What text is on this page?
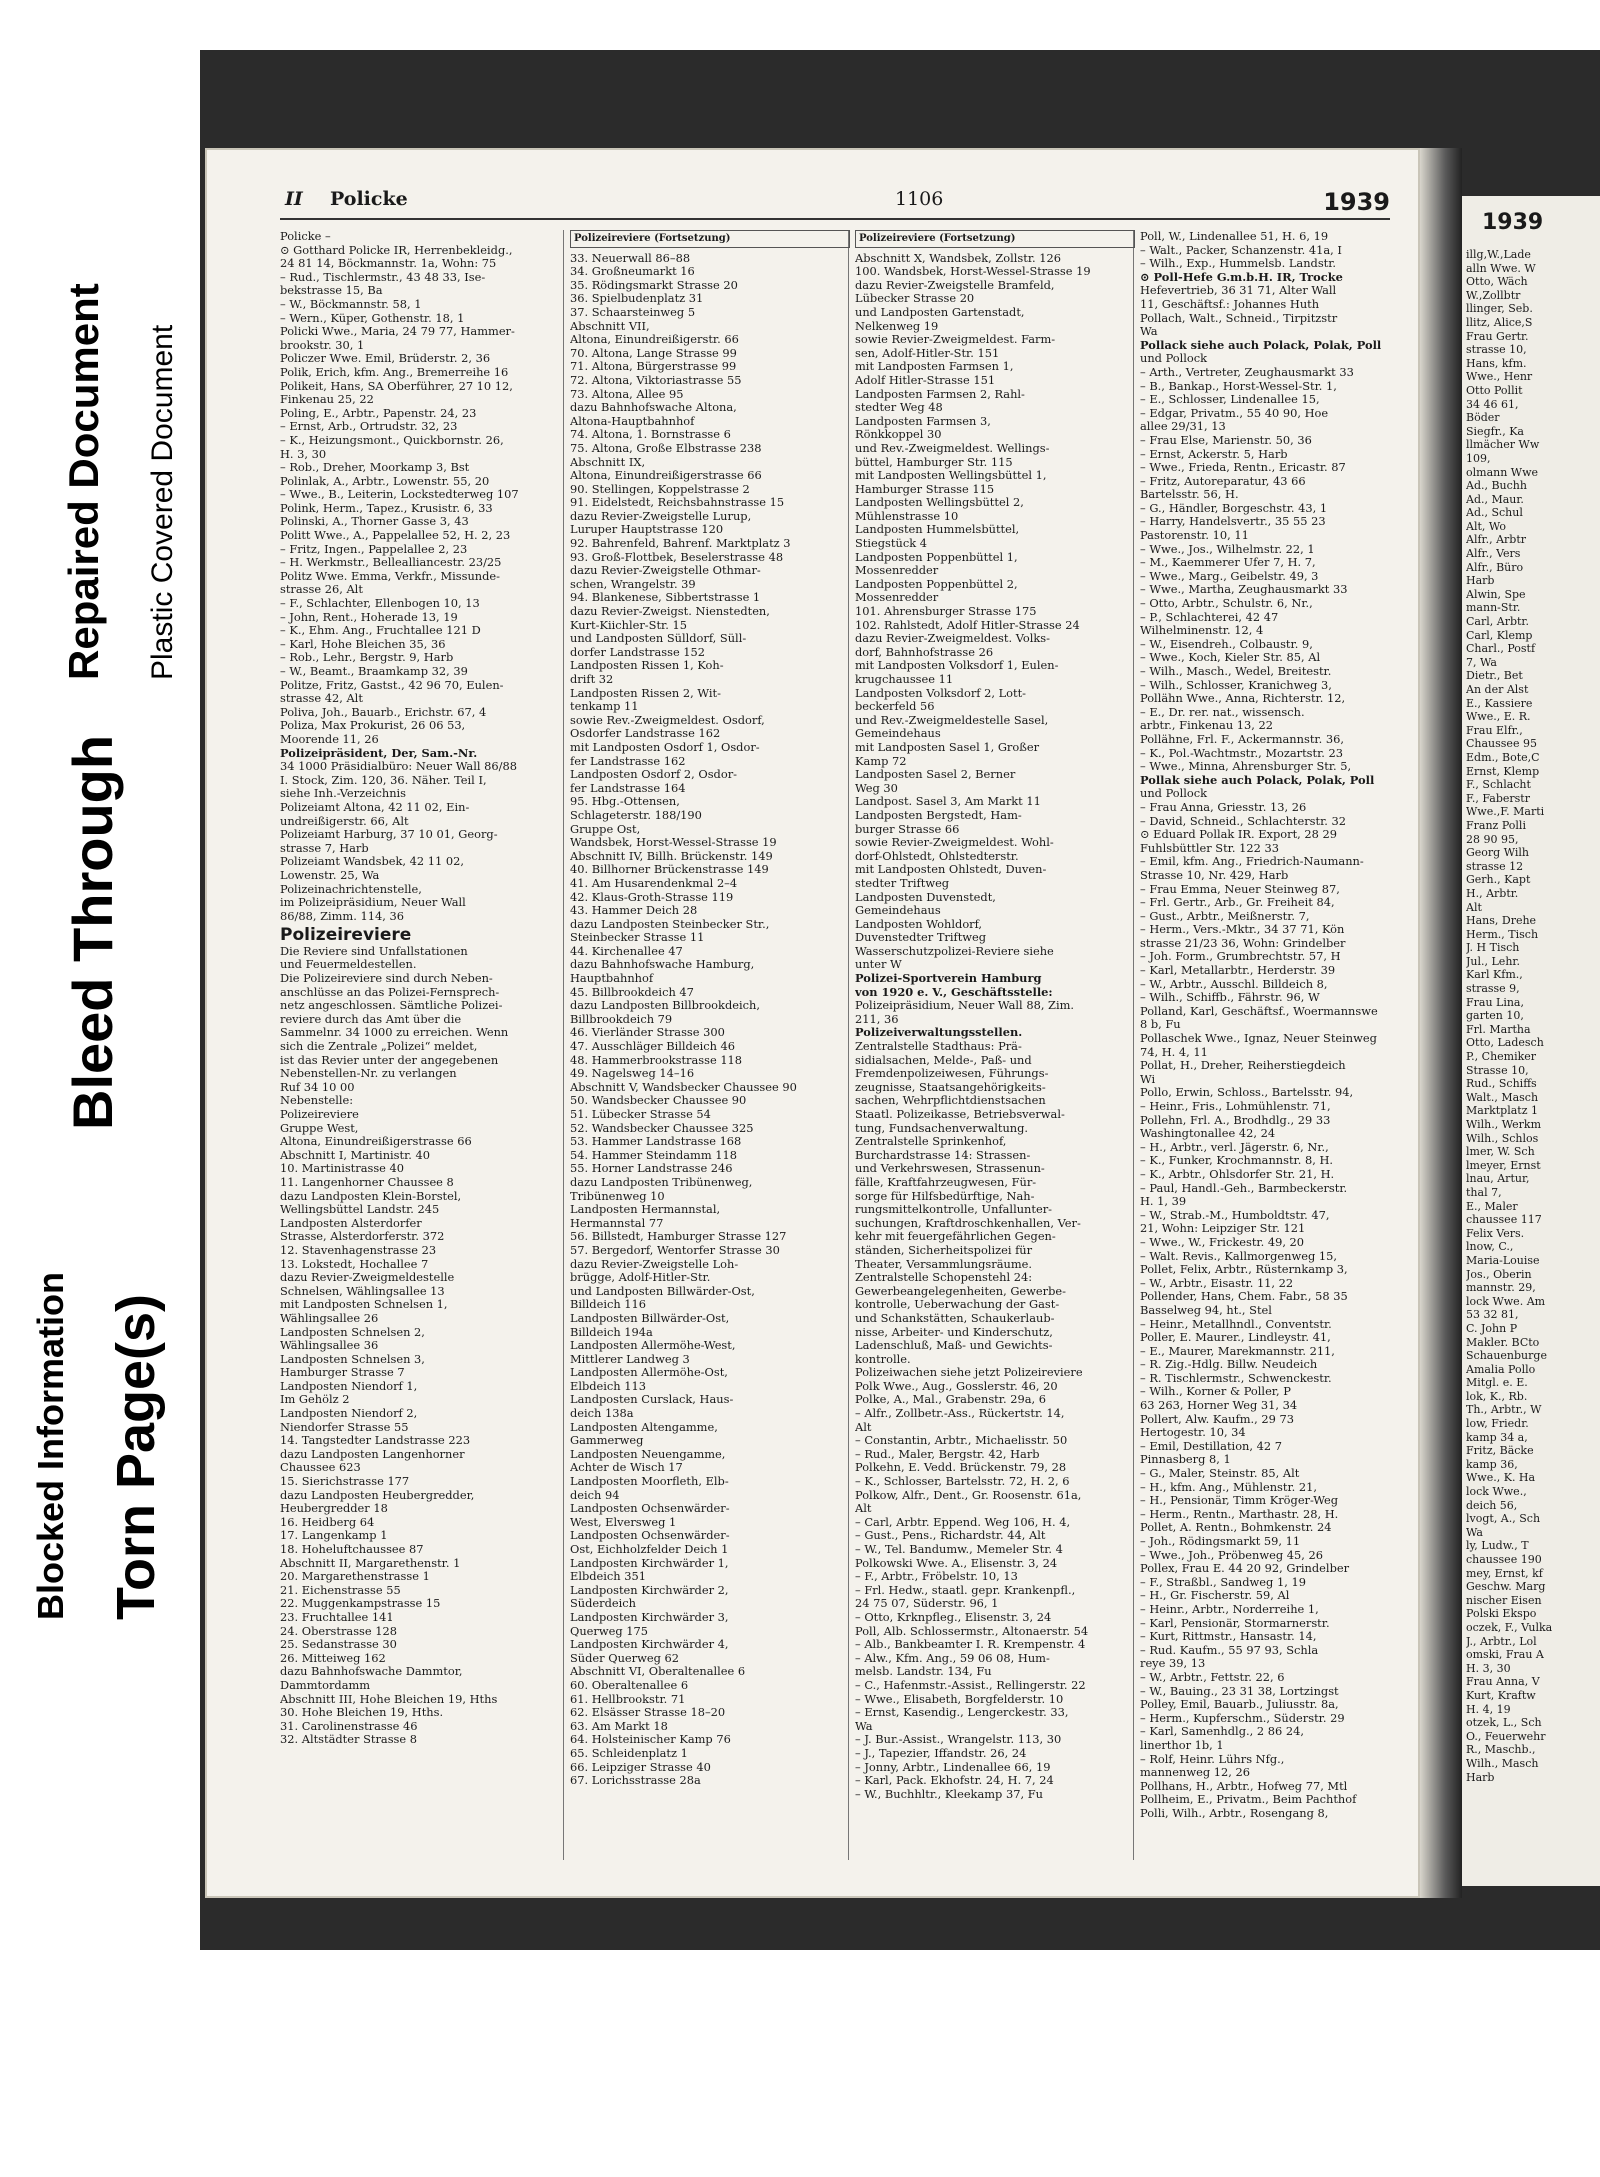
Blocked Information
Bleed Through
Torn Page(s)
Repaired Document Plastic Covered Document
II Policke	1106	1939
Policke –
⊙ Gotthard Policke IR, Herrenbekleidg.,
24 81 14, Böckmannstr. 1a, Wohn: 75
– Rud., Tischlermstr., 43 48 33, Ise-
bekstrasse 15, Ba
– W., Böckmannstr. 58, 1
– Wern., Küper, Gothenstr. 18, 1
Policki Wwe., Maria, 24 79 77, Hammer-
brookstr. 30, 1
Policzer Wwe. Emil, Brüderstr. 2, 36
Polik, Erich, kfm. Ang., Bremerreihe 16
Polikeit, Hans, SA Oberführer, 27 10 12,
Finkenau 25, 22
Poling, E., Arbtr., Papenstr. 24, 23
– Ernst, Arb., Ortrudstr. 32, 23
– K., Heizungsmont., Quickbornstr. 26,
H. 3, 30
– Rob., Dreher, Moorkamp 3, Bst
Polinlak, A., Arbtr., Lowenstr. 55, 20
– Wwe., B., Leiterin, Lockstedterweg 107
Polink, Herm., Tapez., Krusistr. 6, 33
Polinski, A., Thorner Gasse 3, 43
Politt Wwe., A., Pappelallee 52, H. 2, 23
– Fritz, Ingen., Pappelallee 2, 23
– H. Werkmstr., Bellealliancestr. 23/25
Politz Wwe. Emma, Verkfr., Missunde-
strasse 26, Alt
– F., Schlachter, Ellenbogen 10, 13
– John, Rent., Hoherade 13, 19
– K., Ehm. Ang., Fruchtallee 121 D
– Karl, Hohe Bleichen 35, 36
– Rob., Lehr., Bergstr. 9, Harb
– W., Beamt., Braamkamp 32, 39
Politze, Fritz, Gastst., 42 96 70, Eulen-
strasse 42, Alt
Poliva, Joh., Bauarb., Erichstr. 67, 4
Poliza, Max Prokurist, 26 06 53,
Moorende 11, 26
Polizeipräsident, Der, Sam.-Nr.
34 1000 Präsidialbüro: Neuer Wall 86/88
I. Stock, Zim. 120, 36. Näher. Teil I,
siehe Inh.-Verzeichnis
Polizeiamt Altona, 42 11 02, Ein-
undreißigerstr. 66, Alt
Polizeiamt Harburg, 37 10 01, Georg-
strasse 7, Harb
Polizeiamt Wandsbek, 42 11 02,
Lowenstr. 25, Wa
Polizeinachrichtenstelle,
im Polizeipräsidium, Neuer Wall
86/88, Zimm. 114, 36
Polizeireviere
Die Reviere sind Unfallstationen
und Feuermeldestellen.
Die Polizeireviere sind durch Neben-
anschlüsse an das Polizei-Fernsprech-
netz angeschlossen. Sämtliche Polizei-
reviere durch das Amt über die
Sammelnr. 34 1000 zu erreichen. Wenn
sich die Zentrale „Polizei“ meldet,
ist das Revier unter der angegebenen
Nebenstellen-Nr. zu verlangen
Ruf 34 10 00
Nebenstelle:
Polizeireviere
Gruppe West,
Altona, Einundreißigerstrasse 66
Abschnitt I, Martinistr. 40
10. Martinistrasse 40
11. Langenhorner Chaussee 8
dazu Landposten Klein-Borstel,
Wellingsbüttel Landstr. 245
Landposten Alsterdorfer
Strasse, Alsterdorferstr. 372
12. Stavenhagenstrasse 23
13. Lokstedt, Hochallee 7
dazu Revier-Zweigmeldestelle
Schnelsen, Wählingsallee 13
mit Landposten Schnelsen 1,
Wählingsallee 26
Landposten Schnelsen 2,
Wählingsallee 36
Landposten Schnelsen 3,
Hamburger Strasse 7
Landposten Niendorf 1,
Im Gehölz 2
Landposten Niendorf 2,
Niendorfer Strasse 55
14. Tangstedter Landstrasse 223
dazu Landposten Langenhorner
Chaussee 623
15. Sierichstrasse 177
dazu Landposten Heubergredder,
Heubergredder 18
16. Heidberg 64
17. Langenkamp 1
18. Hoheluftchaussee 87
Abschnitt II, Margarethenstr. 1
20. Margarethenstrasse 1
21. Eichenstrasse 55
22. Muggenkampstrasse 15
23. Fruchtallee 141
24. Oberstrasse 128
25. Sedanstrasse 30
26. Mitteiweg 162
dazu Bahnhofswache Dammtor,
Dammtordamm
Abschnitt III, Hohe Bleichen 19, Hths
30. Hohe Bleichen 19, Hths.
31. Carolinenstrasse 46
32. Altstädter Strasse 8
Polizeireviere (Fortsetzung)
33. Neuerwall 86–88
34. Großneumarkt 16
35. Rödingsmarkt Strasse 20
36. Spielbudenplatz 31
37. Schaarsteinweg 5
Abschnitt VII,
Altona, Einundreißigerstr. 66
70. Altona, Lange Strasse 99
71. Altona, Bürgerstrasse 99
72. Altona, Viktoriastrasse 55
73. Altona, Allee 95
dazu Bahnhofswache Altona,
Altona-Hauptbahnhof
74. Altona, 1. Bornstrasse 6
75. Altona, Große Elbstrasse 238
Abschnitt IX,
Altona, Einundreißigerstrasse 66
90. Stellingen, Koppelstrasse 2
91. Eidelstedt, Reichsbahnstrasse 15
dazu Revier-Zweigstelle Lurup,
Luruper Hauptstrasse 120
92. Bahrenfeld, Bahrenf. Marktplatz 3
93. Groß-Flottbek, Beselerstrasse 48
dazu Revier-Zweigstelle Othmar-
schen, Wrangelstr. 39
94. Blankenese, Sibbertstrasse 1
dazu Revier-Zweigst. Nienstedten,
Kurt-Kiichler-Str. 15
und Landposten Sülldorf, Süll-
dorfer Landstrasse 152
Landposten Rissen 1, Koh-
drift 32
Landposten Rissen 2, Wit-
tenkamp 11
sowie Rev.-Zweigmeldest. Osdorf,
Osdorfer Landstrasse 162
mit Landposten Osdorf 1, Osdor-
fer Landstrasse 162
Landposten Osdorf 2, Osdor-
fer Landstrasse 164
95. Hbg.-Ottensen,
Schlageterstr. 188/190
Gruppe Ost,
Wandsbek, Horst-Wessel-Strasse 19
Abschnitt IV, Billh. Brückenstr. 149
40. Billhorner Brückenstrasse 149
41. Am Husarendenkmal 2–4
42. Klaus-Groth-Strasse 119
43. Hammer Deich 28
dazu Landposten Steinbecker Str.,
Steinbecker Strasse 11
44. Kirchenallee 47
dazu Bahnhofswache Hamburg,
Hauptbahnhof
45. Billbrookdeich 47
dazu Landposten Billbrookdeich,
Billbrookdeich 79
46. Vierländer Strasse 300
47. Ausschläger Billdeich 46
48. Hammerbrookstrasse 118
49. Nagelsweg 14–16
Abschnitt V, Wandsbecker Chaussee 90
50. Wandsbecker Chaussee 90
51. Lübecker Strasse 54
52. Wandsbecker Chaussee 325
53. Hammer Landstrasse 168
54. Hammer Steindamm 118
55. Horner Landstrasse 246
dazu Landposten Tribünenweg,
Tribünenweg 10
Landposten Hermannstal,
Hermannstal 77
56. Billstedt, Hamburger Strasse 127
57. Bergedorf, Wentorfer Strasse 30
dazu Revier-Zweigstelle Loh-
brügge, Adolf-Hitler-Str.
und Landposten Billwärder-Ost,
Billdeich 116
Landposten Billwärder-Ost,
Billdeich 194a
Landposten Allermöhe-West,
Mittlerer Landweg 3
Landposten Allermöhe-Ost,
Elbdeich 113
Landposten Curslack, Haus-
deich 138a
Landposten Altengamme,
Gammerweg
Landposten Neuengamme,
Achter de Wisch 17
Landposten Moorfleth, Elb-
deich 94
Landposten Ochsenwärder-
West, Elversweg 1
Landposten Ochsenwärder-
Ost, Eichholzfelder Deich 1
Landposten Kirchwärder 1,
Elbdeich 351
Landposten Kirchwärder 2,
Süderdeich
Landposten Kirchwärder 3,
Querweg 175
Landposten Kirchwärder 4,
Süder Querweg 62
Abschnitt VI, Oberaltenallee 6
60. Oberaltenallee 6
61. Hellbrookstr. 71
62. Elsässer Strasse 18–20
63. Am Markt 18
64. Holsteinischer Kamp 76
65. Schleidenplatz 1
66. Leipziger Strasse 40
67. Lorichsstrasse 28a
Polizeireviere (Fortsetzung)
Abschnitt X, Wandsbek, Zollstr. 126
100. Wandsbek, Horst-Wessel-Strasse 19
dazu Revier-Zweigstelle Bramfeld,
Lübecker Strasse 20
und Landposten Gartenstadt,
Nelkenweg 19
sowie Revier-Zweigmeldest. Farm-
sen, Adolf-Hitler-Str. 151
mit Landposten Farmsen 1,
Adolf Hitler-Strasse 151
Landposten Farmsen 2, Rahl-
stedter Weg 48
Landposten Farmsen 3,
Rönkkoppel 30
und Rev.-Zweigmeldest. Wellings-
büttel, Hamburger Str. 115
mit Landposten Wellingsbüttel 1,
Hamburger Strasse 115
Landposten Wellingsbüttel 2,
Mühlenstrasse 10
Landposten Hummelsbüttel,
Stiegstück 4
Landposten Poppenbüttel 1,
Mossenredder
Landposten Poppenbüttel 2,
Mossenredder
101. Ahrensburger Strasse 175
102. Rahlstedt, Adolf Hitler-Strasse 24
dazu Revier-Zweigmeldest. Volks-
dorf, Bahnhofstrasse 26
mit Landposten Volksdorf 1, Eulen-
krugchaussee 11
Landposten Volksdorf 2, Lott-
beckerfeld 56
und Rev.-Zweigmeldestelle Sasel,
Gemeindehaus
mit Landposten Sasel 1, Großer
Kamp 72
Landposten Sasel 2, Berner
Weg 30
Landpost. Sasel 3, Am Markt 11
Landposten Bergstedt, Ham-
burger Strasse 66
sowie Revier-Zweigmeldest. Wohl-
dorf-Ohlstedt, Ohlstedterstr.
mit Landposten Ohlstedt, Duven-
stedter Triftweg
Landposten Duvenstedt,
Gemeindehaus
Landposten Wohldorf,
Duvenstedter Triftweg
Wasserschutzpolizei-Reviere siehe
unter W
Polizei-Sportverein Hamburg
von 1920 e. V., Geschäftsstelle:
Polizeipräsidium, Neuer Wall 88, Zim.
211, 36
Polizeiverwaltungsstellen.
Zentralstelle Stadthaus: Prä-
sidialsachen, Melde-, Paß- und
Fremdenpolizeiwesen, Führungs-
zeugnisse, Staatsangehörigkeits-
sachen, Wehrpflichtdienstsachen
Staatl. Polizeikasse, Betriebsverwal-
tung, Fundsachenverwaltung.
Zentralstelle Sprinkenhof,
Burchardstrasse 14: Strassen-
und Verkehrswesen, Strassenun-
fälle, Kraftfahrzeugwesen, Für-
sorge für Hilfsbedürftige, Nah-
rungsmittelkontrolle, Unfallunter-
suchungen, Kraftdroschkenhallen, Ver-
kehr mit feuergefährlichen Gegen-
ständen, Sicherheitspolizei für
Theater, Versammlungsräume.
Zentralstelle Schopenstehl 24:
Gewerbeangelegenheiten, Gewerbe-
kontrolle, Ueberwachung der Gast-
und Schankstätten, Schaukerlaub-
nisse, Arbeiter- und Kinderschutz,
Ladenschluß, Maß- und Gewichts-
kontrolle.
Polizeiwachen siehe jetzt Polizeireviere
Polk Wwe., Aug., Gosslerstr. 46, 20
Polke, A., Mal., Grabenstr. 29a, 6
– Alfr., Zollbetr.-Ass., Rückertstr. 14,
Alt
– Constantin, Arbtr., Michaelisstr. 50
– Rud., Maler, Bergstr. 42, Harb
Polkehn, E. Vedd. Brückenstr. 79, 28
– K., Schlosser, Bartelsstr. 72, H. 2, 6
Polkow, Alfr., Dent., Gr. Roosenstr. 61a,
Alt
– Carl, Arbtr. Eppend. Weg 106, H. 4,
– Gust., Pens., Richardstr. 44, Alt
– W., Tel. Bandumw., Memeler Str. 4
Polkowski Wwe. A., Elisenstr. 3, 24
– F., Arbtr., Fröbelstr. 10, 13
– Frl. Hedw., staatl. gepr. Krankenpfl.,
24 75 07, Süderstr. 96, 1
– Otto, Krknpfleg., Elisenstr. 3, 24
Poll, Alb. Schlossermstr., Altonaerstr. 54
– Alb., Bankbeamter I. R. Krempenstr. 4
– Alw., Kfm. Ang., 59 06 08, Hum-
melsb. Landstr. 134, Fu
– C., Hafenmstr.-Assist., Rellingerstr. 22
– Wwe., Elisabeth, Borgfelderstr. 10
– Ernst, Kasendig., Lengerckestr. 33,
Wa
– J. Bur.-Assist., Wrangelstr. 113, 30
– J., Tapezier, Iffandstr. 26, 24
– Jonny, Arbtr., Lindenallee 66, 19
– Karl, Pack. Ekhofstr. 24, H. 7, 24
– W., Buchhltr., Kleekamp 37, Fu
Poll, W., Lindenallee 51, H. 6, 19
– Walt., Packer, Schanzenstr. 41a, I
– Wilh., Exp., Hummelsb. Landstr.
⊙ Poll-Hefe G.m.b.H. IR, Trocke
Hefevertrieb, 36 31 71, Alter Wall
11, Geschäftsf.: Johannes Huth
Pollach, Walt., Schneid., Tirpitzstr
Wa
Pollack siehe auch Polack, Polak, Poll
und Pollock
– Arth., Vertreter, Zeughausmarkt 33
– B., Bankap., Horst-Wessel-Str. 1,
– E., Schlosser, Lindenallee 15,
– Edgar, Privatm., 55 40 90, Hoe
allee 29/31, 13
– Frau Else, Marienstr. 50, 36
– Ernst, Ackerstr. 5, Harb
– Wwe., Frieda, Rentn., Ericastr. 87
– Fritz, Autoreparatur, 43 66
Bartelsstr. 56, H.
– G., Händler, Borgeschstr. 43, 1
– Harry, Handelsvertr., 35 55 23
Pastorenstr. 10, 11
– Wwe., Jos., Wilhelmstr. 22, 1
– M., Kaemmerer Ufer 7, H. 7,
– Wwe., Marg., Geibelstr. 49, 3
– Wwe., Martha, Zeughausmarkt 33
– Otto, Arbtr., Schulstr. 6, Nr.,
– P., Schlachterei, 42 47
Wilhelminenstr. 12, 4
– W., Eisendreh., Colbaustr. 9,
– Wwe., Koch, Kieler Str. 85, Al
– Wilh., Masch., Wedel, Breitestr.
– Wilh., Schlosser, Kranichweg 3,
Pollähn Wwe., Anna, Richterstr. 12,
– E., Dr. rer. nat., wissensch.
arbtr., Finkenau 13, 22
Pollähne, Frl. F., Ackermannstr. 36,
– K., Pol.-Wachtmstr., Mozartstr. 23
– Wwe., Minna, Ahrensburger Str. 5,
Pollak siehe auch Polack, Polak, Poll
und Pollock
– Frau Anna, Griesstr. 13, 26
– David, Schneid., Schlachterstr. 32
⊙ Eduard Pollak IR. Export, 28 29
Fuhlsbüttler Str. 122 33
– Emil, kfm. Ang., Friedrich-Naumann-
Strasse 10, Nr. 429, Harb
– Frau Emma, Neuer Steinweg 87,
– Frl. Gertr., Arb., Gr. Freiheit 84,
– Gust., Arbtr., Meißnerstr. 7,
– Herm., Vers.-Mktr., 34 37 71, Kön
strasse 21/23 36, Wohn: Grindelber
– Joh. Form., Grumbrechtstr. 57, H
– Karl, Metallarbtr., Herderstr. 39
– W., Arbtr., Ausschl. Billdeich 8,
– Wilh., Schiffb., Fährstr. 96, W
Polland, Karl, Geschäftsf., Woermannswe
8 b, Fu
Pollaschek Wwe., Ignaz, Neuer Steinweg
74, H. 4, 11
Pollat, H., Dreher, Reiherstiegdeich
Wi
Pollo, Erwin, Schloss., Bartelsstr. 94,
– Heinr., Fris., Lohmühlenstr. 71,
Pollehn, Frl. A., Brodhdlg., 29 33
Washingtonallee 42, 24
– H., Arbtr., verl. Jägerstr. 6, Nr.,
– K., Funker, Krochmannstr. 8, H.
– K., Arbtr., Ohlsdorfer Str. 21, H.
– Paul, Handl.-Geh., Barmbeckerstr.
H. 1, 39
– W., Strab.-M., Humboldtstr. 47,
21, Wohn: Leipziger Str. 121
– Wwe., W., Frickestr. 49, 20
– Walt. Revis., Kallmorgenweg 15,
Pollet, Felix, Arbtr., Rüsternkamp 3,
– W., Arbtr., Eisastr. 11, 22
Pollender, Hans, Chem. Fabr., 58 35
Basselweg 94, ht., Stel
– Heinr., Metallhndl., Conventstr.
Poller, E. Maurer., Lindleystr. 41,
– E., Maurer, Marekmannstr. 211,
– R. Zig.-Hdlg. Billw. Neudeich
– R. Tischlermstr., Schwenckestr.
– Wilh., Korner & Poller, P
63 263, Horner Weg 31, 34
Pollert, Alw. Kaufm., 29 73
Hertogestr. 10, 34
– Emil, Destillation, 42 7
Pinnasberg 8, 1
– G., Maler, Steinstr. 85, Alt
– H., kfm. Ang., Mühlenstr. 21,
– H., Pensionär, Timm Kröger-Weg
– Herm., Rentn., Marthastr. 28, H.
Pollet, A. Rentn., Bohmkenstr. 24
– Joh., Rödingsmarkt 59, 11
– Wwe., Joh., Pröbenweg 45, 26
Pollex, Frau E. 44 20 92, Grindelber
– F., Straßbl., Sandweg 1, 19
– H., Gr. Fischerstr. 59, Al
– Heinr., Arbtr., Norderreihe 1,
– Karl, Pensionär, Stormarnerstr.
– Kurt, Rittmstr., Hansastr. 14,
– Rud. Kaufm., 55 97 93, Schla
reye 39, 13
– W., Arbtr., Fettstr. 22, 6
– W., Bauing., 23 31 38, Lortzingst
Polley, Emil, Bauarb., Juliusstr. 8a,
– Herm., Kupferschm., Süderstr. 29
– Karl, Samenhdlg., 2 86 24,
linerthor 1b, 1
– Rolf, Heinr. Lührs Nfg.,
mannenweg 12, 26
Pollhans, H., Arbtr., Hofweg 77, Mtl
Pollheim, E., Privatm., Beim Pachthof
Polli, Wilh., Arbtr., Rosengang 8,
1939
illg,W.,Lade
alln Wwe. W
Otto, Wäch
W.,Zollbtr
llinger, Seb.
llitz, Alice,S
Frau Gertr.
strasse 10,
Hans, kfm.
Wwe., Henr
Otto Pollit
34 46 61,
Böder
Siegfr., Ka
llmächer Ww
109,
olmann Wwe
Ad., Buchh
Ad., Maur.
Ad., Schul
Alt, Wo
Alfr., Arbtr
Alfr., Vers
Alfr., Büro
Harb
Alwin, Spe
mann-Str.
Carl, Arbtr.
Carl, Klemp
Charl., Postf
7, Wa
Dietr., Bet
An der Alst
E., Kassiere
Wwe., E. R.
Frau Elfr.,
Chaussee 95
Edm., Bote,C
Ernst, Klemp
F., Schlacht
F., Faberstr
Wwe.,F. Marti
Franz Polli
28 90 95,
Georg Wilh
strasse 12
Gerh., Kapt
H., Arbtr.
Alt
Hans, Drehe
Herm., Tisch
J. H Tisch
Jul., Lehr.
Karl Kfm.,
strasse 9,
Frau Lina,
garten 10,
Frl. Martha
Otto, Ladesch
P., Chemiker
Strasse 10,
Rud., Schiffs
Walt., Masch
Marktplatz 1
Wilh., Werkm
Wilh., Schlos
lmer, W. Sch
lmeyer, Ernst
lnau, Artur,
thal 7,
E., Maler
chaussee 117
Felix Vers.
lnow, C.,
Maria-Louise
Jos., Oberin
mannstr. 29,
lock Wwe. Am
53 32 81,
C. John P
Makler. BCto
Schauenburge
Amalia Pollo
Mitgl. e. E.
lok, K., Rb.
Th., Arbtr., W
low, Friedr.
kamp 34 a,
Fritz, Bäcke
kamp 36,
Wwe., K. Ha
lock Wwe.,
deich 56,
lvogt, A., Sch
Wa
ly, Ludw., T
chaussee 190
mey, Ernst, kf
Geschw. Marg
nischer Eisen
Polski Ekspo
oczek, F., Vulka
J., Arbtr., Lol
omski, Frau A
H. 3, 30
Frau Anna, V
Kurt, Kraftw
H. 4, 19
otzek, L., Sch
O., Feuerwehr
R., Maschb.,
Wilh., Masch
Harb
